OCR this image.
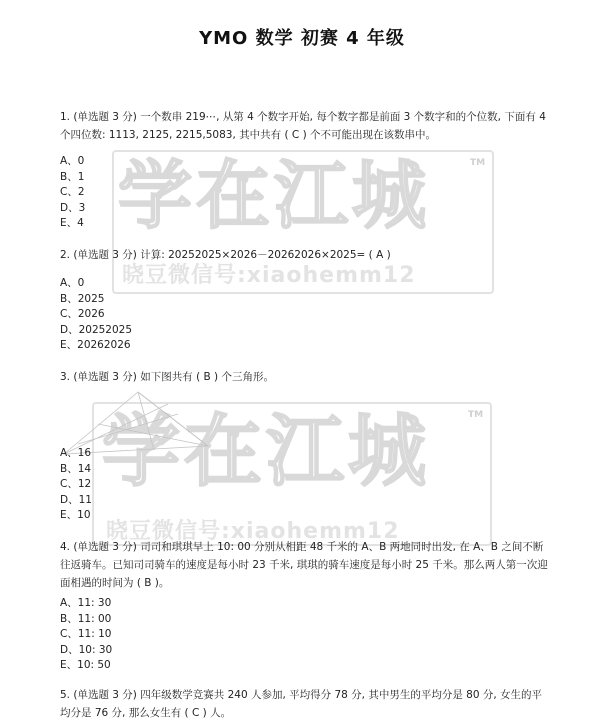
学在江城	TM
晓豆微信号:xiaohemm12
学在江城	TM
晓豆微信号:xiaohemm12
YMO 数学 初赛 4 年级
1. (单选题 3 分) 一个数串 219⋯, 从第 4 个数字开始, 每个数字都是前面 3 个数字和的个位数, 下面有 4 个四位数: 1113, 2125, 2215,5083, 其中共有 ( C ) 个不可能出现在该数串中。
A、0
B、1
C、2
D、3
E、4
2. (单选题 3 分) 计算: 20252025×2026－20262026×2025= ( A )
A、0
B、2025
C、2026
D、20252025
E、20262026
3. (单选题 3 分) 如下图共有 ( B ) 个三角形。
A、16
B、14
C、12
D、11
E、10
4. (单选题 3 分) 司司和琪琪早上 10: 00 分别从相距 48 千米的 A、B 两地同时出发, 在 A、B 之间不断往返骑车。已知司司骑车的速度是每小时 23 千米, 琪琪的骑车速度是每小时 25 千米。那么两人第一次迎面相遇的时间为 ( B )。
A、11: 30
B、11: 00
C、11: 10
D、10: 30
E、10: 50
5. (单选题 3 分) 四年级数学竞赛共 240 人参加, 平均得分 78 分, 其中男生的平均分是 80 分, 女生的平均分是 76 分, 那么女生有 ( C ) 人。
